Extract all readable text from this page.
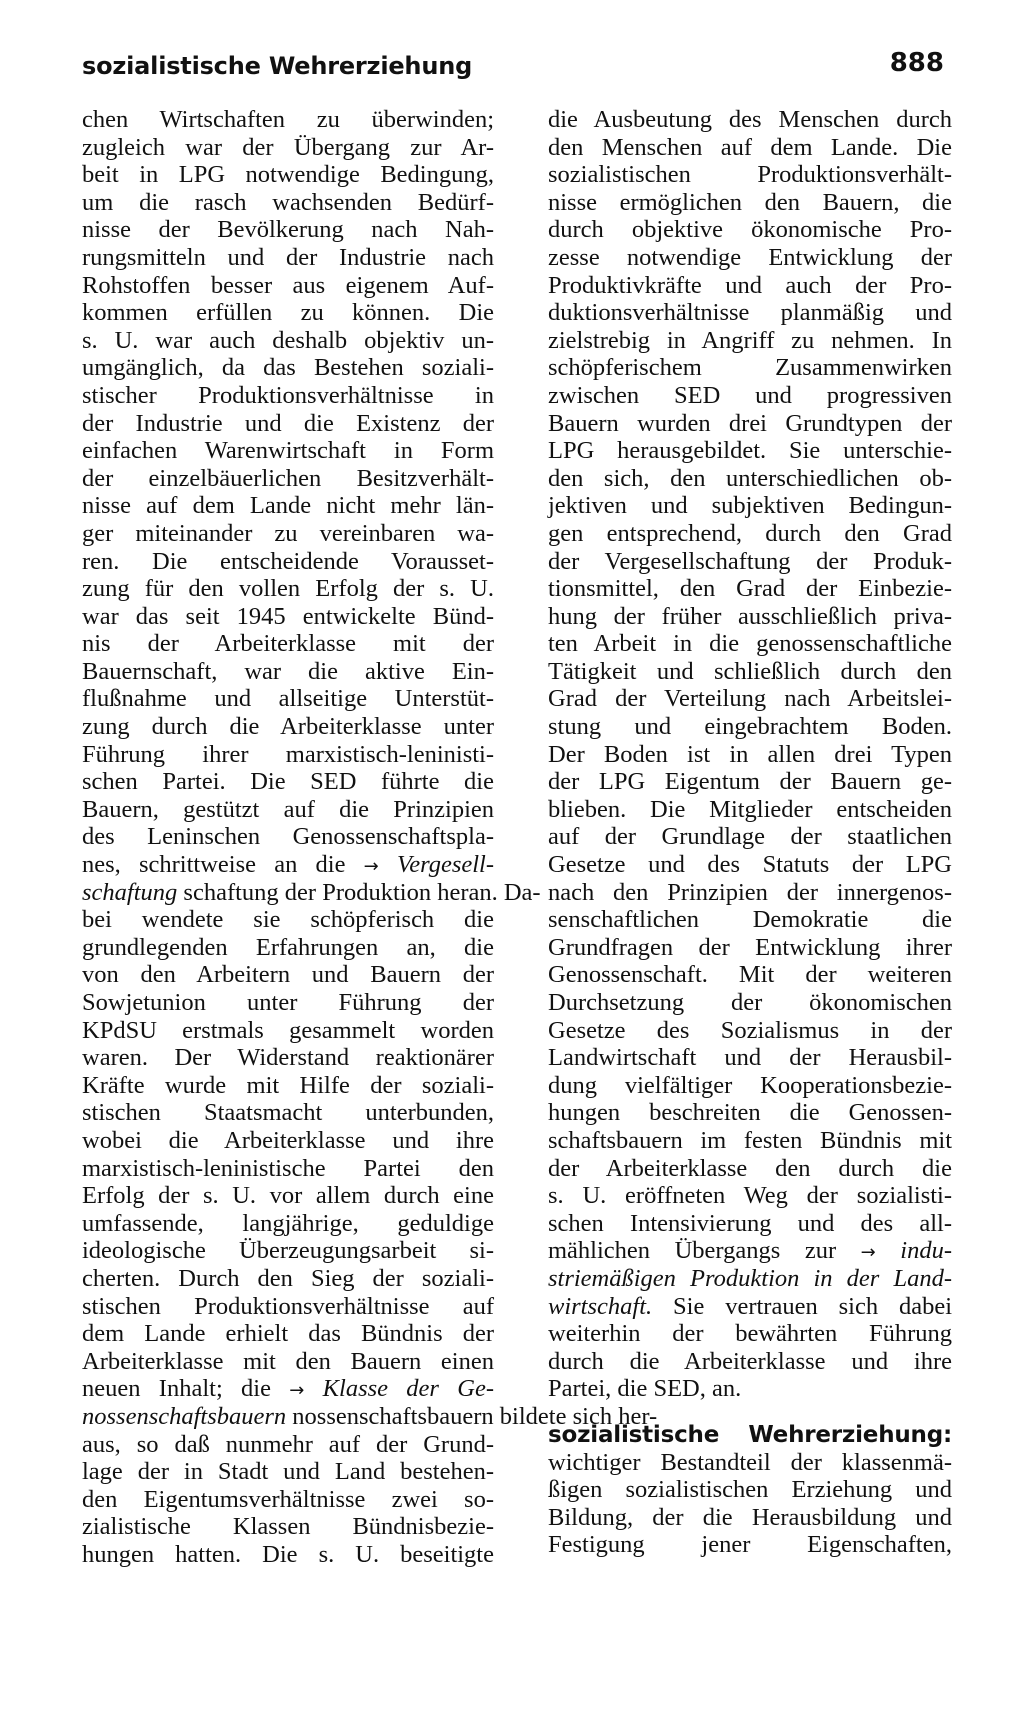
sozialistische Wehrerziehung	888
chen Wirtschaften zu überwinden;
zugleich war der Übergang zur Ar-
beit in LPG notwendige Bedingung,
um die rasch wachsenden Bedürf-
nisse der Bevölkerung nach Nah-
rungsmitteln und der Industrie nach
Rohstoffen besser aus eigenem Auf-
kommen erfüllen zu können. Die
s. U. war auch deshalb objektiv un-
umgänglich, da das Bestehen soziali-
stischer Produktionsverhältnisse in
der Industrie und die Existenz der
einfachen Warenwirtschaft in Form
der einzelbäuerlichen Besitzverhält-
nisse auf dem Lande nicht mehr län-
ger miteinander zu vereinbaren wa-
ren. Die entscheidende Vorausset-
zung für den vollen Erfolg der s. U.
war das seit 1945 entwickelte Bünd-
nis der Arbeiterklasse mit der
Bauernschaft, war die aktive Ein-
flußnahme und allseitige Unterstüt-
zung durch die Arbeiterklasse unter
Führung ihrer marxistisch-leninisti-
schen Partei. Die SED führte die
Bauern, gestützt auf die Prinzipien
des Leninschen Genossenschaftspla-
nes, schrittweise an die → Vergesell-
schaftung schaftung der Produktion heran. Da-
bei wendete sie schöpferisch die
grundlegenden Erfahrungen an, die
von den Arbeitern und Bauern der
Sowjetunion unter Führung der
KPdSU erstmals gesammelt worden
waren. Der Widerstand reaktionärer
Kräfte wurde mit Hilfe der soziali-
stischen Staatsmacht unterbunden,
wobei die Arbeiterklasse und ihre
marxistisch-leninistische Partei den
Erfolg der s. U. vor allem durch eine
umfassende, langjährige, geduldige
ideologische Überzeugungsarbeit si-
cherten. Durch den Sieg der soziali-
stischen Produktionsverhältnisse auf
dem Lande erhielt das Bündnis der
Arbeiterklasse mit den Bauern einen
neuen Inhalt; die → Klasse der Ge-
nossenschaftsbauern nossenschaftsbauern bildete sich her-
aus, so daß nunmehr auf der Grund-
lage der in Stadt und Land bestehen-
den Eigentumsverhältnisse zwei so-
zialistische Klassen Bündnisbezie-
hungen hatten. Die s. U. beseitigte
die Ausbeutung des Menschen durch
den Menschen auf dem Lande. Die
sozialistischen Produktionsverhält-
nisse ermöglichen den Bauern, die
durch objektive ökonomische Pro-
zesse notwendige Entwicklung der
Produktivkräfte und auch der Pro-
duktionsverhältnisse planmäßig und
zielstrebig in Angriff zu nehmen. In
schöpferischem Zusammenwirken
zwischen SED und progressiven
Bauern wurden drei Grundtypen der
LPG herausgebildet. Sie unterschie-
den sich, den unterschiedlichen ob-
jektiven und subjektiven Bedingun-
gen entsprechend, durch den Grad
der Vergesellschaftung der Produk-
tionsmittel, den Grad der Einbezie-
hung der früher ausschließlich priva-
ten Arbeit in die genossenschaftliche
Tätigkeit und schließlich durch den
Grad der Verteilung nach Arbeitslei-
stung und eingebrachtem Boden.
Der Boden ist in allen drei Typen
der LPG Eigentum der Bauern ge-
blieben. Die Mitglieder entscheiden
auf der Grundlage der staatlichen
Gesetze und des Statuts der LPG
nach den Prinzipien der innergenos-
senschaftlichen Demokratie die
Grundfragen der Entwicklung ihrer
Genossenschaft. Mit der weiteren
Durchsetzung der ökonomischen
Gesetze des Sozialismus in der
Landwirtschaft und der Herausbil-
dung vielfältiger Kooperationsbezie-
hungen beschreiten die Genossen-
schaftsbauern im festen Bündnis mit
der Arbeiterklasse den durch die
s. U. eröffneten Weg der sozialisti-
schen Intensivierung und des all-
mählichen Übergangs zur → indu-
striemäßigen Produktion in der Land-
wirtschaft. Sie vertrauen sich dabei
weiterhin der bewährten Führung
durch die Arbeiterklasse und ihre
Partei, die SED, an.
sozialistische Wehrerziehung:
wichtiger Bestandteil der klassenmä-
ßigen sozialistischen Erziehung und
Bildung, der die Herausbildung und
Festigung jener Eigenschaften,
